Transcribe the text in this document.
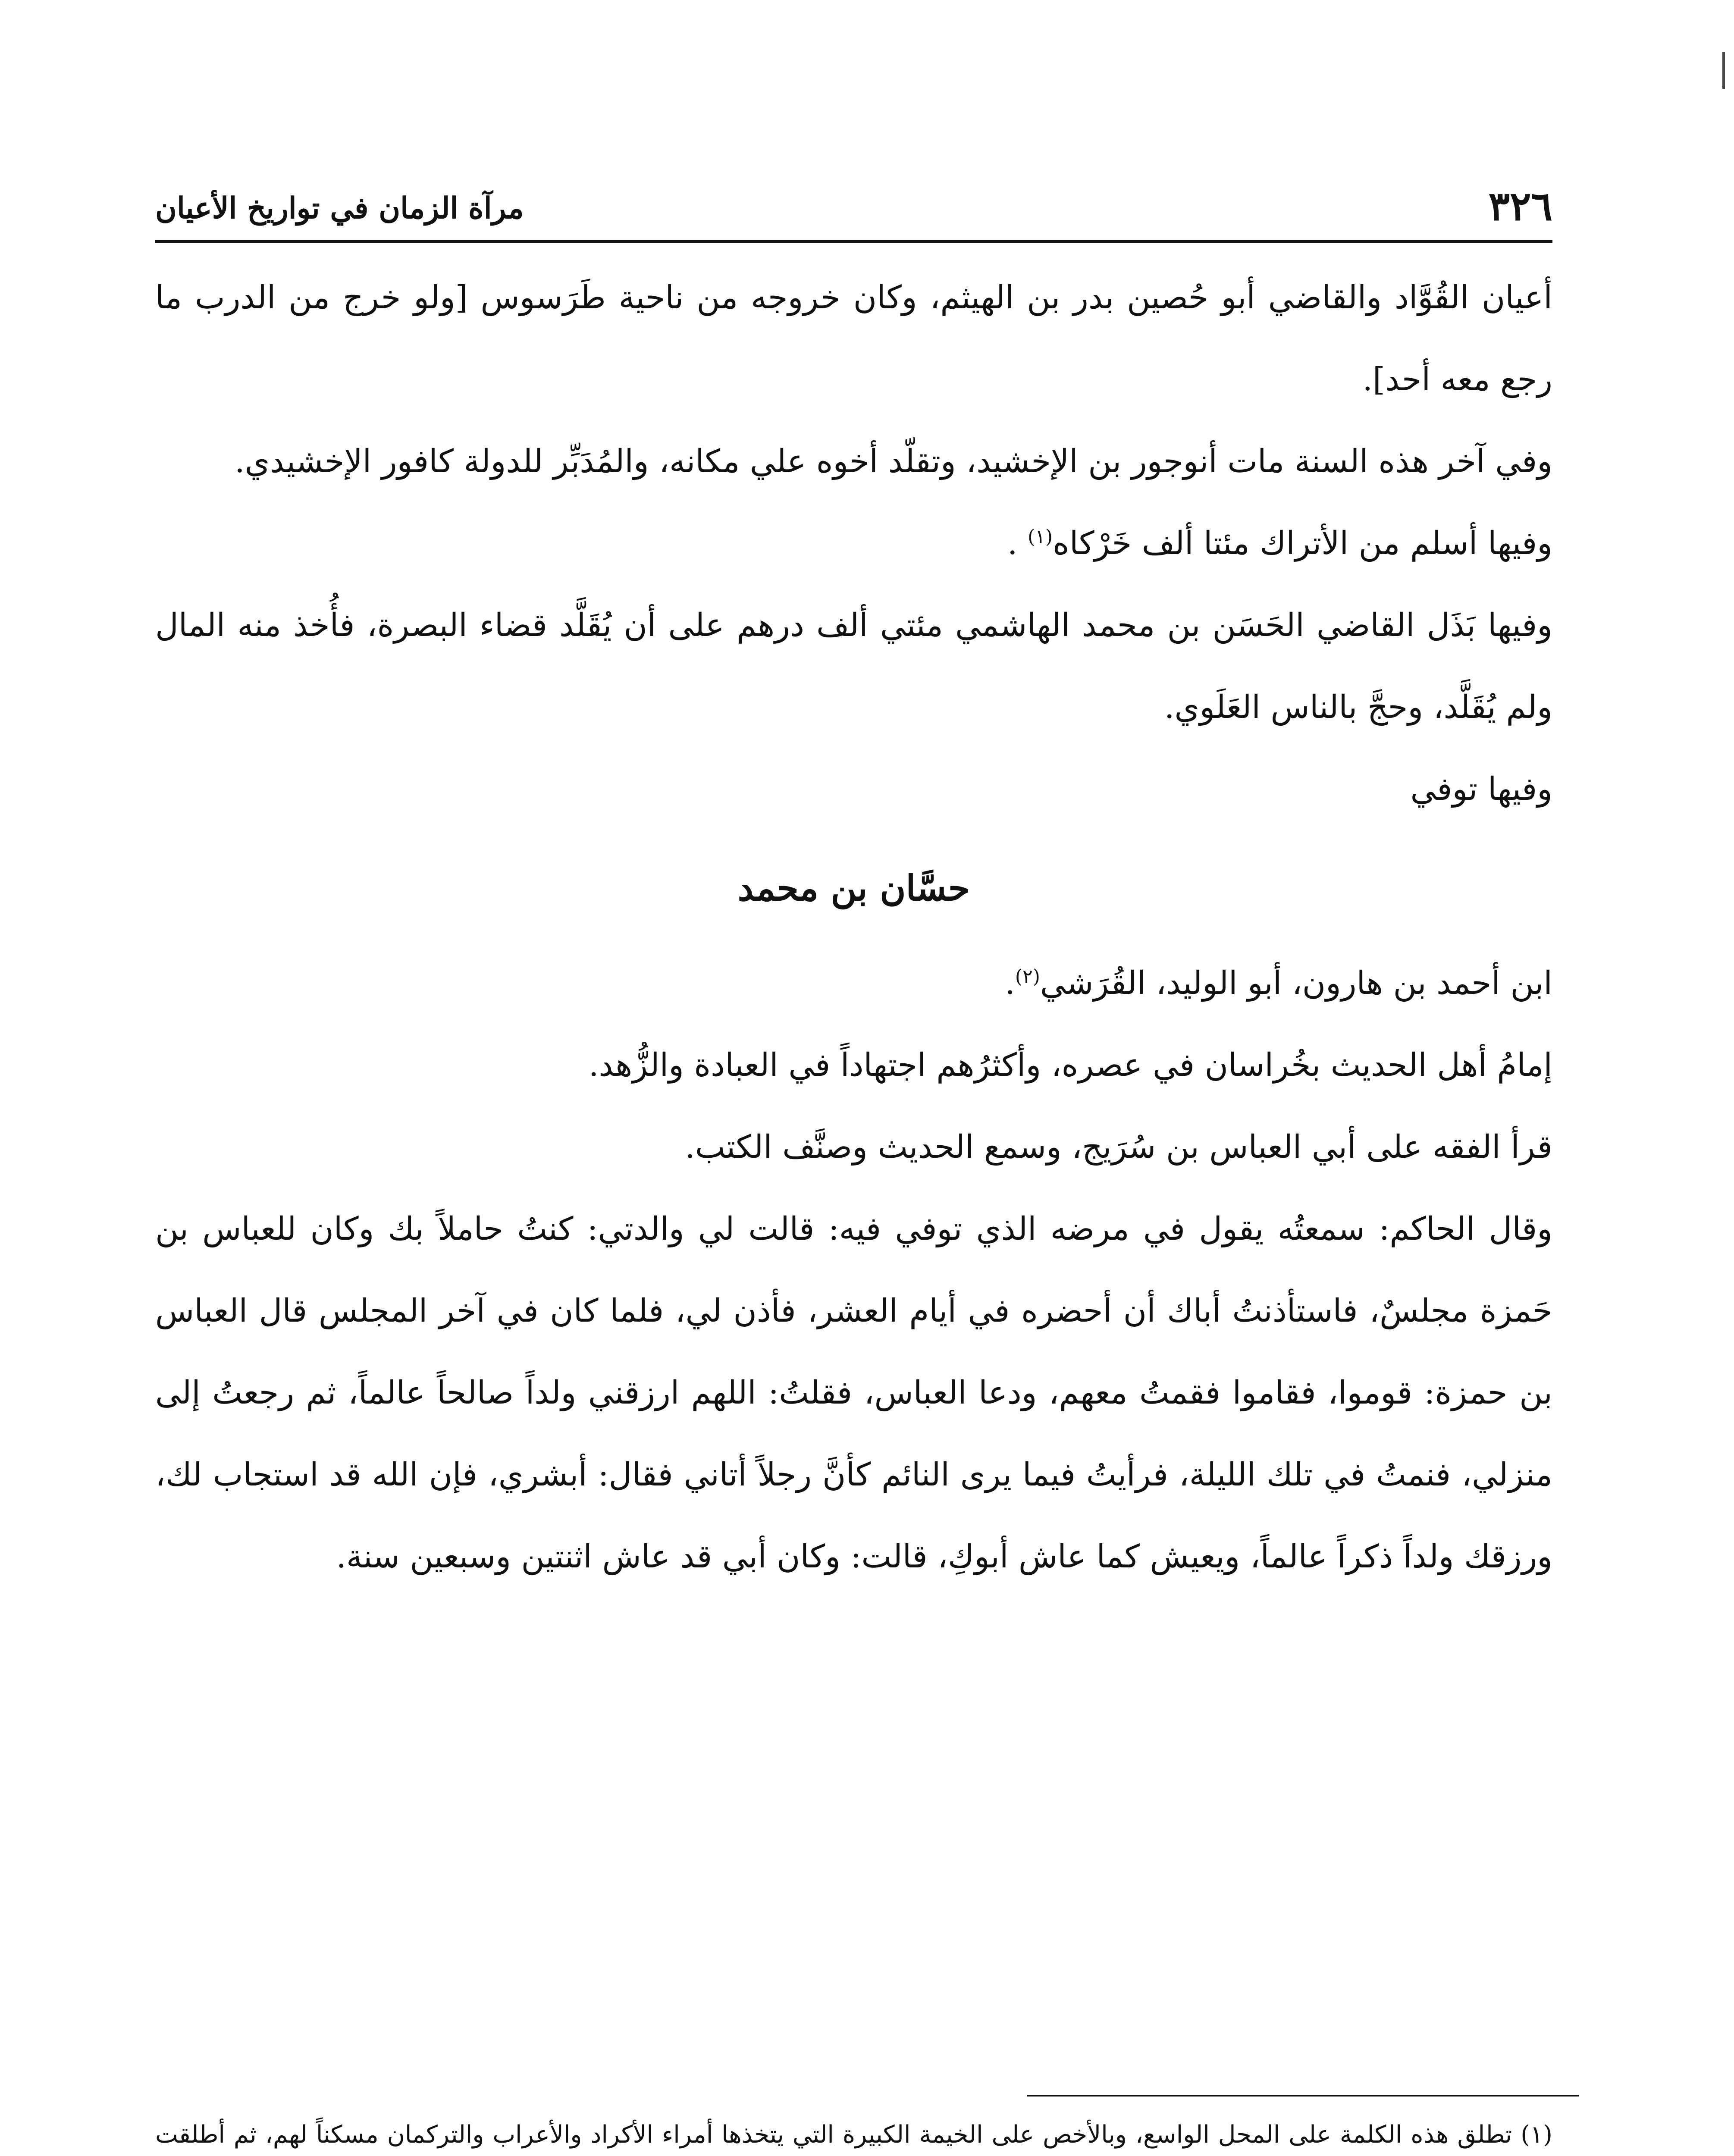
٣٢٦
مرآة الزمان في تواريخ الأعيان

أعيان القُوَّاد والقاضي أبو حُصين بدر بن الهيثم، وكان خروجه من ناحية طَرَسوس [ولو خرج من الدرب ما رجع معه أحد].

وفي آخر هذه السنة مات أنوجور بن الإخشيد، وتقلّد أخوه علي مكانه، والمُدَبِّر للدولة كافور الإخشيدي.

وفيها أسلم من الأتراك مئتا ألف خَرْكاه$^{(١)}$ .

وفيها بَذَل القاضي الحَسَن بن محمد الهاشمي مئتي ألف درهم على أن يُقَلَّد قضاء البصرة، فأُخذ منه المال ولم يُقَلَّد، وحجَّ بالناس العَلَوي.

وفيها توفي

حسَّان بن محمد

ابن أحمد بن هارون، أبو الوليد، القُرَشي$^{(٢)}$.

إمامُ أهل الحديث بخُراسان في عصره، وأكثرُهم اجتهاداً في العبادة والزُّهد.

قرأ الفقه على أبي العباس بن سُرَيج، وسمع الحديث وصنَّف الكتب.

وقال الحاكم: سمعتُه يقول في مرضه الذي توفي فيه: قالت لي والدتي: كنتُ حاملاً بك وكان للعباس بن حَمزة مجلسٌ، فاستأذنتُ أباك أن أحضره في أيام العشر، فأذن لي، فلما كان في آخر المجلس قال العباس بن حمزة: قوموا، فقاموا فقمتُ معهم، ودعا العباس، فقلتُ: اللهم ارزقني ولداً صالحاً عالماً، ثم رجعتُ إلى منزلي، فنمتُ في تلك الليلة، فرأيتُ فيما يرى النائم كأنَّ رجلاً أتاني فقال: أبشري، فإن الله قد استجاب لك، ورزقك ولداً ذكراً عالماً، ويعيش كما عاش أبوكِ، قالت: وكان أبي قد عاش اثنتين وسبعين سنة.

(١) تطلق هذه الكلمة على المحل الواسع، وبالأخص على الخيمة الكبيرة التي يتخذها أمراء الأكراد والأعراب والتركمان مسكناً لهم، ثم أطلقت
